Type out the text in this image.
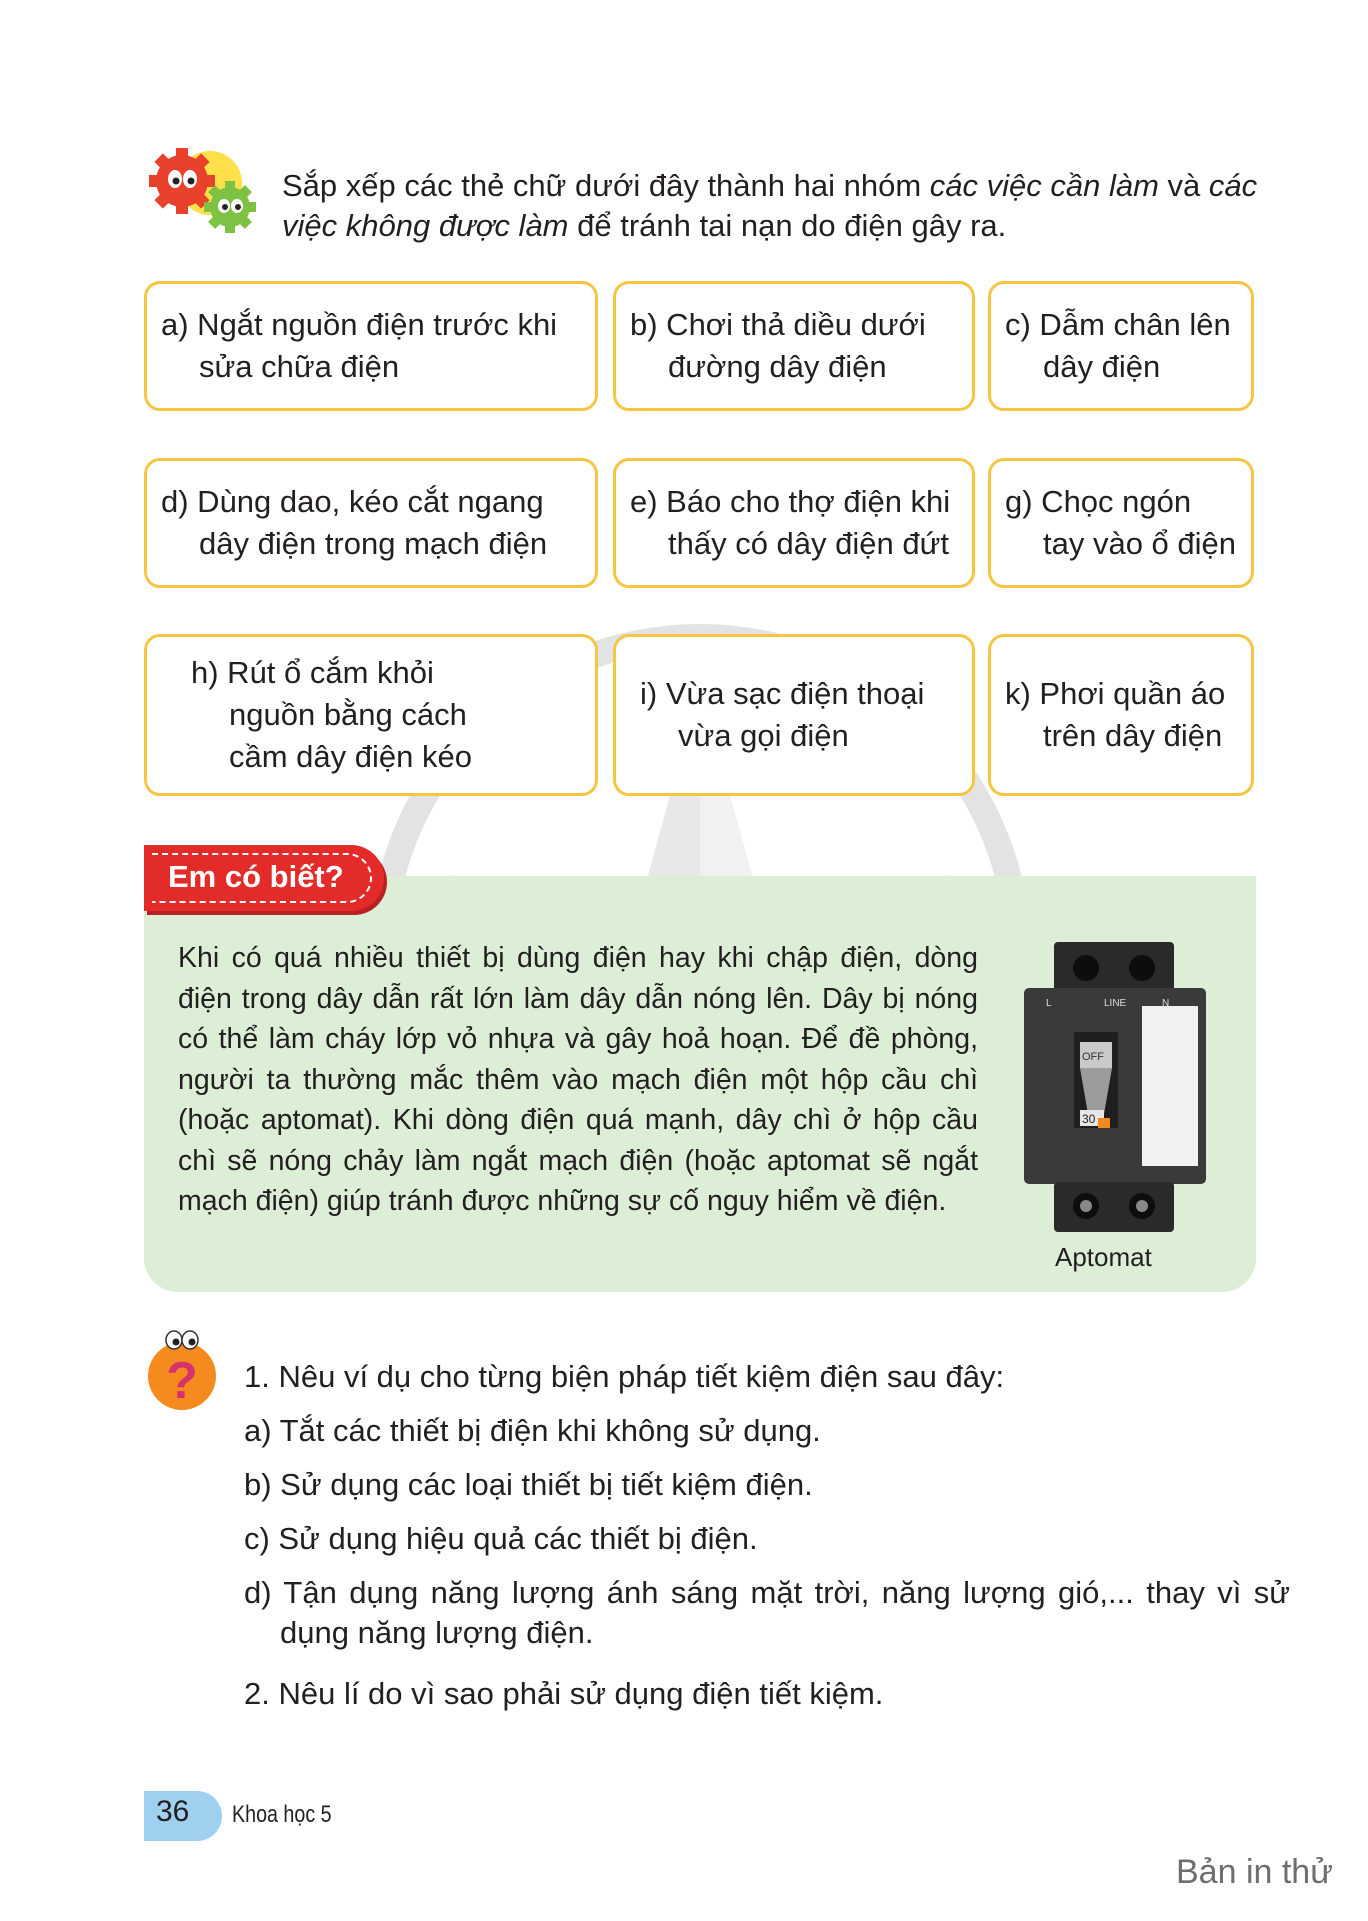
Sắp xếp các thẻ chữ dưới đây thành hai nhóm các việc cần làm và các việc không được làm để tránh tai nạn do điện gây ra.
a) Ngắt nguồn điện trước khi sửa chữa điện
b) Chơi thả diều dưới đường dây điện
c) Dẫm chân lên dây điện
d) Dùng dao, kéo cắt ngang dây điện trong mạch điện
e) Báo cho thợ điện khi thấy có dây điện đứt
g) Chọc ngón tay vào ổ điện
h) Rút ổ cắm khỏi nguồn bằng cách cầm dây điện kéo
i) Vừa sạc điện thoại vừa gọi điện
k) Phơi quần áo trên dây điện
Em có biết?
Khi có quá nhiều thiết bị dùng điện hay khi chập điện, dòng điện trong dây dẫn rất lớn làm dây dẫn nóng lên. Dây bị nóng có thể làm cháy lớp vỏ nhựa và gây hoả hoạn. Để đề phòng, người ta thường mắc thêm vào mạch điện một hộp cầu chì (hoặc aptomat). Khi dòng điện quá mạnh, dây chì ở hộp cầu chì sẽ nóng chảy làm ngắt mạch điện (hoặc aptomat sẽ ngắt mạch điện) giúp tránh được những sự cố nguy hiểm về điện.
LINE
L	N
OFF
30
Aptomat
? 1. Nêu ví dụ cho từng biện pháp tiết kiệm điện sau đây:
a) Tắt các thiết bị điện khi không sử dụng.
b) Sử dụng các loại thiết bị tiết kiệm điện.
c) Sử dụng hiệu quả các thiết bị điện.
d) Tận dụng năng lượng ánh sáng mặt trời, năng lượng gió,... thay vì sử dụng năng lượng điện.
2. Nêu lí do vì sao phải sử dụng điện tiết kiệm.
36 Khoa học 5
Bản in thử
